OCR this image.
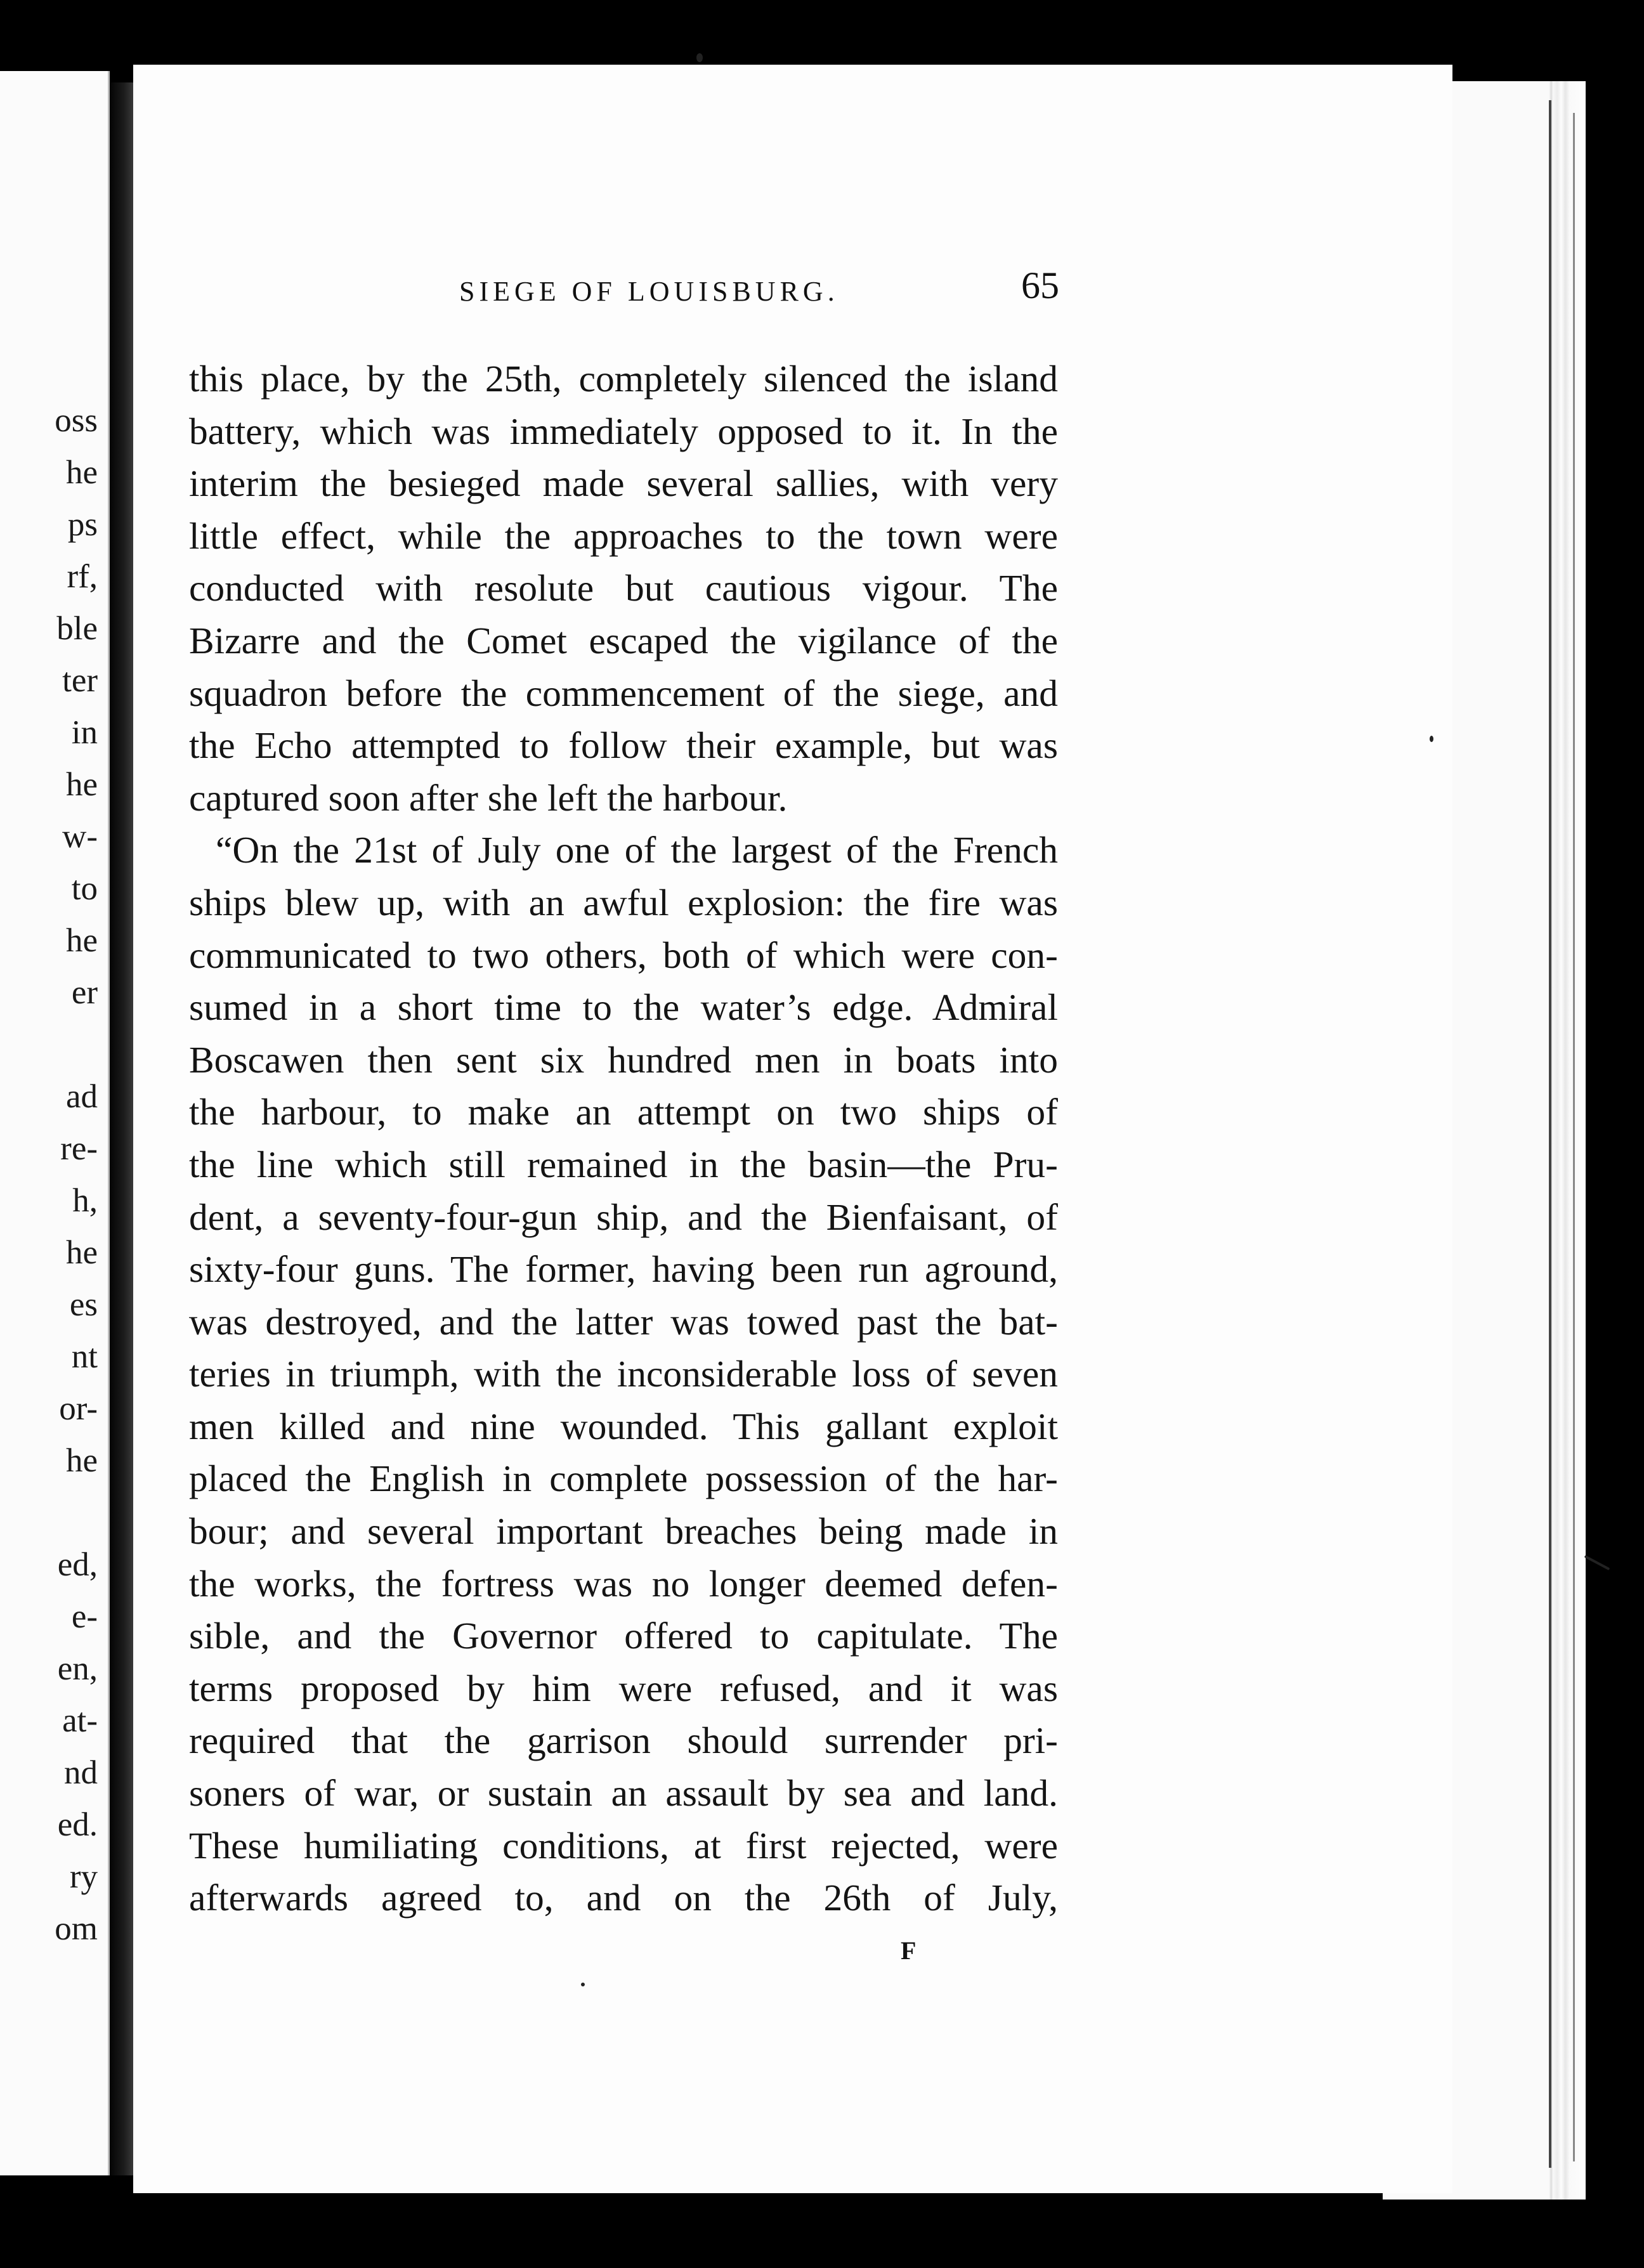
oss
he
ps
rf,
ble
ter
in
he
w-
to
he
er
ad
re-
h,
he
es
nt
or-
he
ed,
e-
en,
at-
nd
ed.
ry
om
SIEGE OF LOUISBURG.	65
this place, by the 25th, completely silenced the island
battery, which was immediately opposed to it. In the
interim the besieged made several sallies, with very
little effect, while the approaches to the town were
conducted with resolute but cautious vigour. The
Bizarre and the Comet escaped the vigilance of the
squadron before the commencement of the siege, and
the Echo attempted to follow their example, but was
captured soon after she left the harbour.
“On the 21st of July one of the largest of the French
ships blew up, with an awful explosion: the fire was
communicated to two others, both of which were con-
sumed in a short time to the water’s edge. Admiral
Boscawen then sent six hundred men in boats into
the harbour, to make an attempt on two ships of
the line which still remained in the basin—the Pru-
dent, a seventy-four-gun ship, and the Bienfaisant, of
sixty-four guns. The former, having been run aground,
was destroyed, and the latter was towed past the bat-
teries in triumph, with the inconsiderable loss of seven
men killed and nine wounded. This gallant exploit
placed the English in complete possession of the har-
bour; and several important breaches being made in
the works, the fortress was no longer deemed defen-
sible, and the Governor offered to capitulate. The
terms proposed by him were refused, and it was
required that the garrison should surrender pri-
soners of war, or sustain an assault by sea and land.
These humiliating conditions, at first rejected, were
afterwards agreed to, and on the 26th of July,
F
